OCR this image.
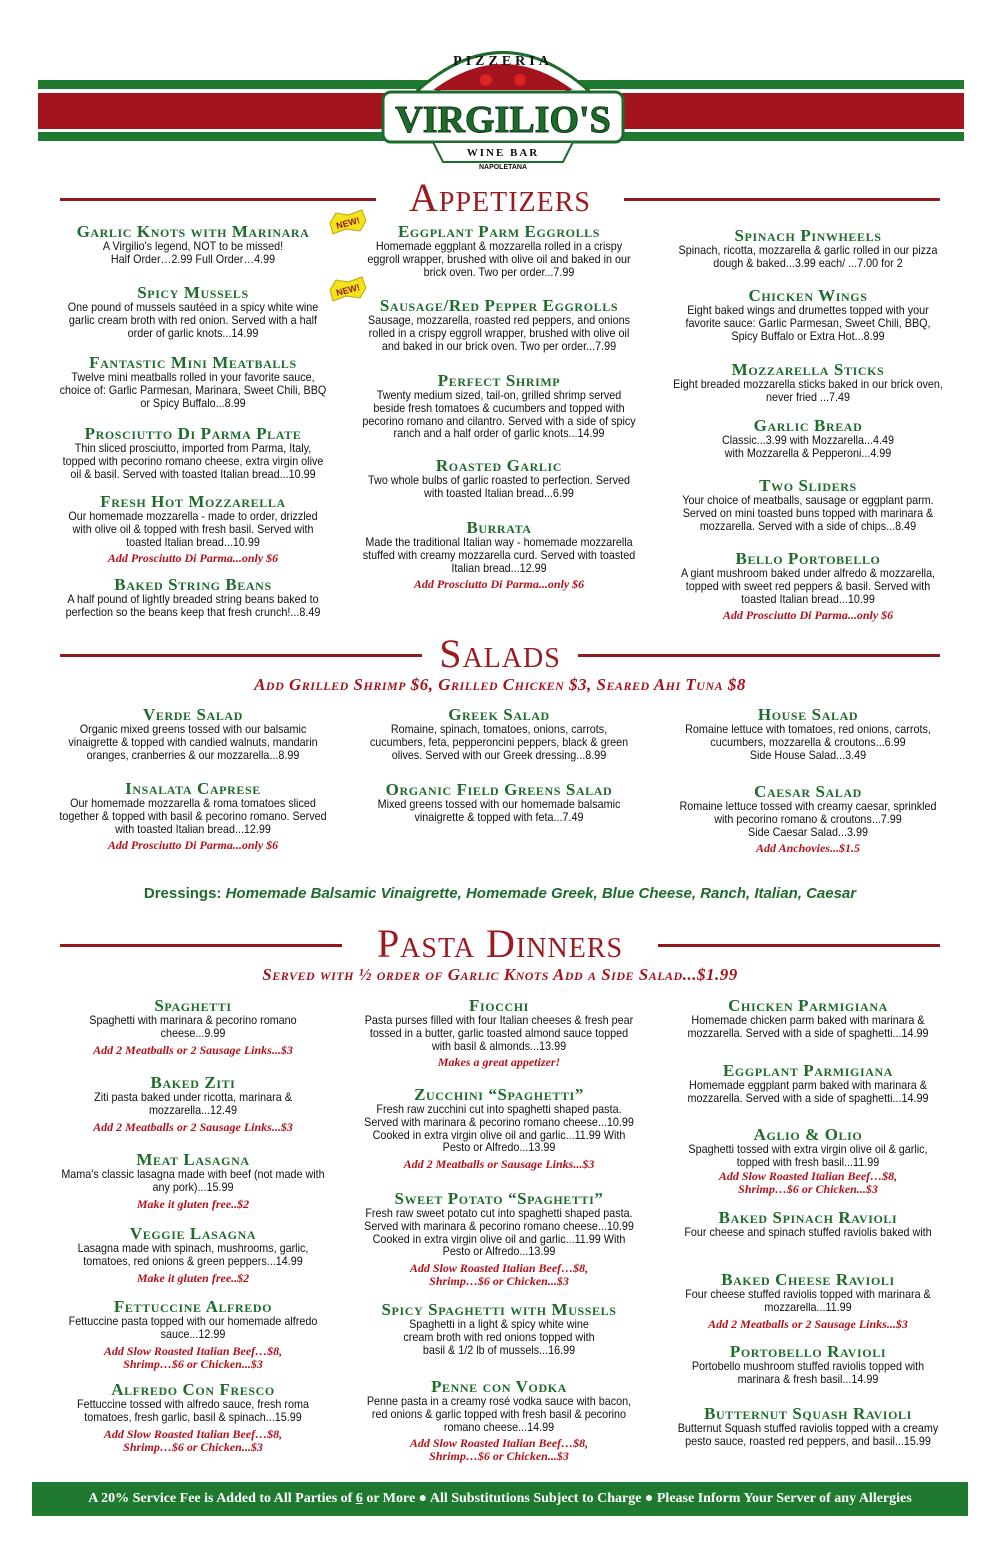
PIZZERIA
VIRGILIO'S
WINE BAR
NAPOLETANA
Appetizers
NEW!
NEW!
Garlic Knots with Marinara
A Virgilio's legend, NOT to be missed!
Half Order…2.99 Full Order…4.99
Spicy Mussels
One pound of mussels sautéed in a spicy white wine garlic cream broth with red onion. Served with a half order of garlic knots...14.99
Fantastic Mini Meatballs
Twelve mini meatballs rolled in your favorite sauce, choice of: Garlic Parmesan, Marinara, Sweet Chili, BBQ or Spicy Buffalo...8.99
Prosciutto Di Parma Plate
Thin sliced prosciutto, imported from Parma, Italy, topped with pecorino romano cheese, extra virgin olive oil & basil. Served with toasted Italian bread...10.99
Fresh Hot Mozzarella
Our homemade mozzarella - made to order, drizzled with olive oil & topped with fresh basil. Served with toasted Italian bread...10.99
Add Prosciutto Di Parma...only $6
Baked String Beans
A half pound of lightly breaded string beans baked to perfection so the beans keep that fresh crunch!...8.49
Eggplant Parm Eggrolls
Homemade eggplant & mozzarella rolled in a crispy eggroll wrapper, brushed with olive oil and baked in our brick oven. Two per order...7.99
Sausage/Red Pepper Eggrolls
Sausage, mozzarella, roasted red peppers, and onions rolled in a crispy eggroll wrapper, brushed with olive oil and baked in our brick oven. Two per order...7.99
Perfect Shrimp
Twenty medium sized, tail-on, grilled shrimp served beside fresh tomatoes & cucumbers and topped with pecorino romano and cilantro. Served with a side of spicy ranch and a half order of garlic knots...14.99
Roasted Garlic
Two whole bulbs of garlic roasted to perfection. Served with toasted Italian bread...6.99
Burrata
Made the traditional Italian way - homemade mozzarella stuffed with creamy mozzarella curd. Served with toasted Italian bread...12.99
Add Prosciutto Di Parma...only $6
Spinach Pinwheels
Spinach, ricotta, mozzarella & garlic rolled in our pizza dough & baked...3.99 each/ ...7.00 for 2
Chicken Wings
Eight baked wings and drumettes topped with your favorite sauce: Garlic Parmesan, Sweet Chili, BBQ, Spicy Buffalo or Extra Hot...8.99
Mozzarella Sticks
Eight breaded mozzarella sticks baked in our brick oven, never fried ...7.49
Garlic Bread
Classic...3.99 with Mozzarella...4.49
with Mozzarella & Pepperoni...4.99
Two Sliders
Your choice of meatballs, sausage or eggplant parm. Served on mini toasted buns topped with marinara & mozzarella. Served with a side of chips...8.49
Bello Portobello
A giant mushroom baked under alfredo & mozzarella, topped with sweet red peppers & basil. Served with toasted Italian bread...10.99
Add Prosciutto Di Parma...only $6
Salads
Add Grilled Shrimp $6, Grilled Chicken $3, Seared Ahi Tuna $8
Verde Salad
Organic mixed greens tossed with our balsamic vinaigrette & topped with candied walnuts, mandarin oranges, cranberries & our mozzarella...8.99
Insalata Caprese
Our homemade mozzarella & roma tomatoes sliced together & topped with basil & pecorino romano. Served with toasted Italian bread...12.99
Add Prosciutto Di Parma...only $6
Greek Salad
Romaine, spinach, tomatoes, onions, carrots, cucumbers, feta, pepperoncini peppers, black & green olives. Served with our Greek dressing...8.99
Organic Field Greens Salad
Mixed greens tossed with our homemade balsamic vinaigrette & topped with feta...7.49
House Salad
Romaine lettuce with tomatoes, red onions, carrots, cucumbers, mozzarella & croutons...6.99
Side House Salad...3.49
Caesar Salad
Romaine lettuce tossed with creamy caesar, sprinkled with pecorino romano & croutons...7.99
Side Caesar Salad...3.99
Add Anchovies...$1.5
Dressings: Homemade Balsamic Vinaigrette, Homemade Greek, Blue Cheese, Ranch, Italian, Caesar
Pasta Dinners
Served with ½ order of Garlic Knots Add a Side Salad...$1.99
Spaghetti
Spaghetti with marinara & pecorino romano cheese...9.99
Add 2 Meatballs or 2 Sausage Links...$3
Baked Ziti
Ziti pasta baked under ricotta, marinara & mozzarella...12.49
Add 2 Meatballs or 2 Sausage Links...$3
Meat Lasagna
Mama's classic lasagna made with beef (not made with any pork)...15.99
Make it gluten free..$2
Veggie Lasagna
Lasagna made with spinach, mushrooms, garlic, tomatoes, red onions & green peppers...14.99
Make it gluten free..$2
Fettuccine Alfredo
Fettuccine pasta topped with our homemade alfredo sauce...12.99
Add Slow Roasted Italian Beef…$8, Shrimp…$6 or Chicken...$3
Alfredo Con Fresco
Fettuccine tossed with alfredo sauce, fresh roma tomatoes, fresh garlic, basil & spinach...15.99
Add Slow Roasted Italian Beef…$8, Shrimp…$6 or Chicken...$3
Fiocchi
Pasta purses filled with four Italian cheeses & fresh pear tossed in a butter, garlic toasted almond sauce topped with basil & almonds...13.99
Makes a great appetizer!
Zucchini “Spaghetti”
Fresh raw zucchini cut into spaghetti shaped pasta. Served with marinara & pecorino romano cheese...10.99 Cooked in extra virgin olive oil and garlic...11.99 With Pesto or Alfredo...13.99
Add 2 Meatballs or Sausage Links...$3
Sweet Potato “Spaghetti”
Fresh raw sweet potato cut into spaghetti shaped pasta. Served with marinara & pecorino romano cheese...10.99 Cooked in extra virgin olive oil and garlic...11.99 With Pesto or Alfredo...13.99
Add Slow Roasted Italian Beef…$8, Shrimp…$6 or Chicken...$3
Spicy Spaghetti with Mussels
Spaghetti in a light & spicy white wine cream broth with red onions topped with basil & 1/2 lb of mussels...16.99
Penne con Vodka
Penne pasta in a creamy rosé vodka sauce with bacon, red onions & garlic topped with fresh basil & pecorino romano cheese...14.99
Add Slow Roasted Italian Beef…$8, Shrimp…$6 or Chicken...$3
Chicken Parmigiana
Homemade chicken parm baked with marinara & mozzarella. Served with a side of spaghetti...14.99
Eggplant Parmigiana
Homemade eggplant parm baked with marinara & mozzarella. Served with a side of spaghetti...14.99
Aglio & Olio
Spaghetti tossed with extra virgin olive oil & garlic, topped with fresh basil...11.99
Add Slow Roasted Italian Beef…$8, Shrimp…$6 or Chicken...$3
Baked Spinach Ravioli
Four cheese and spinach stuffed raviolis baked with
Baked Cheese Ravioli
Four cheese stuffed raviolis topped with marinara & mozzarella...11.99
Add 2 Meatballs or 2 Sausage Links...$3
Portobello Ravioli
Portobello mushroom stuffed raviolis topped with marinara & fresh basil...14.99
Butternut Squash Ravioli
Butternut Squash stuffed raviolis topped with a creamy pesto sauce, roasted red peppers, and basil...15.99
A 20% Service Fee is Added to All Parties of 6 or More ● All Substitutions Subject to Charge ● Please Inform Your Server of any Allergies
